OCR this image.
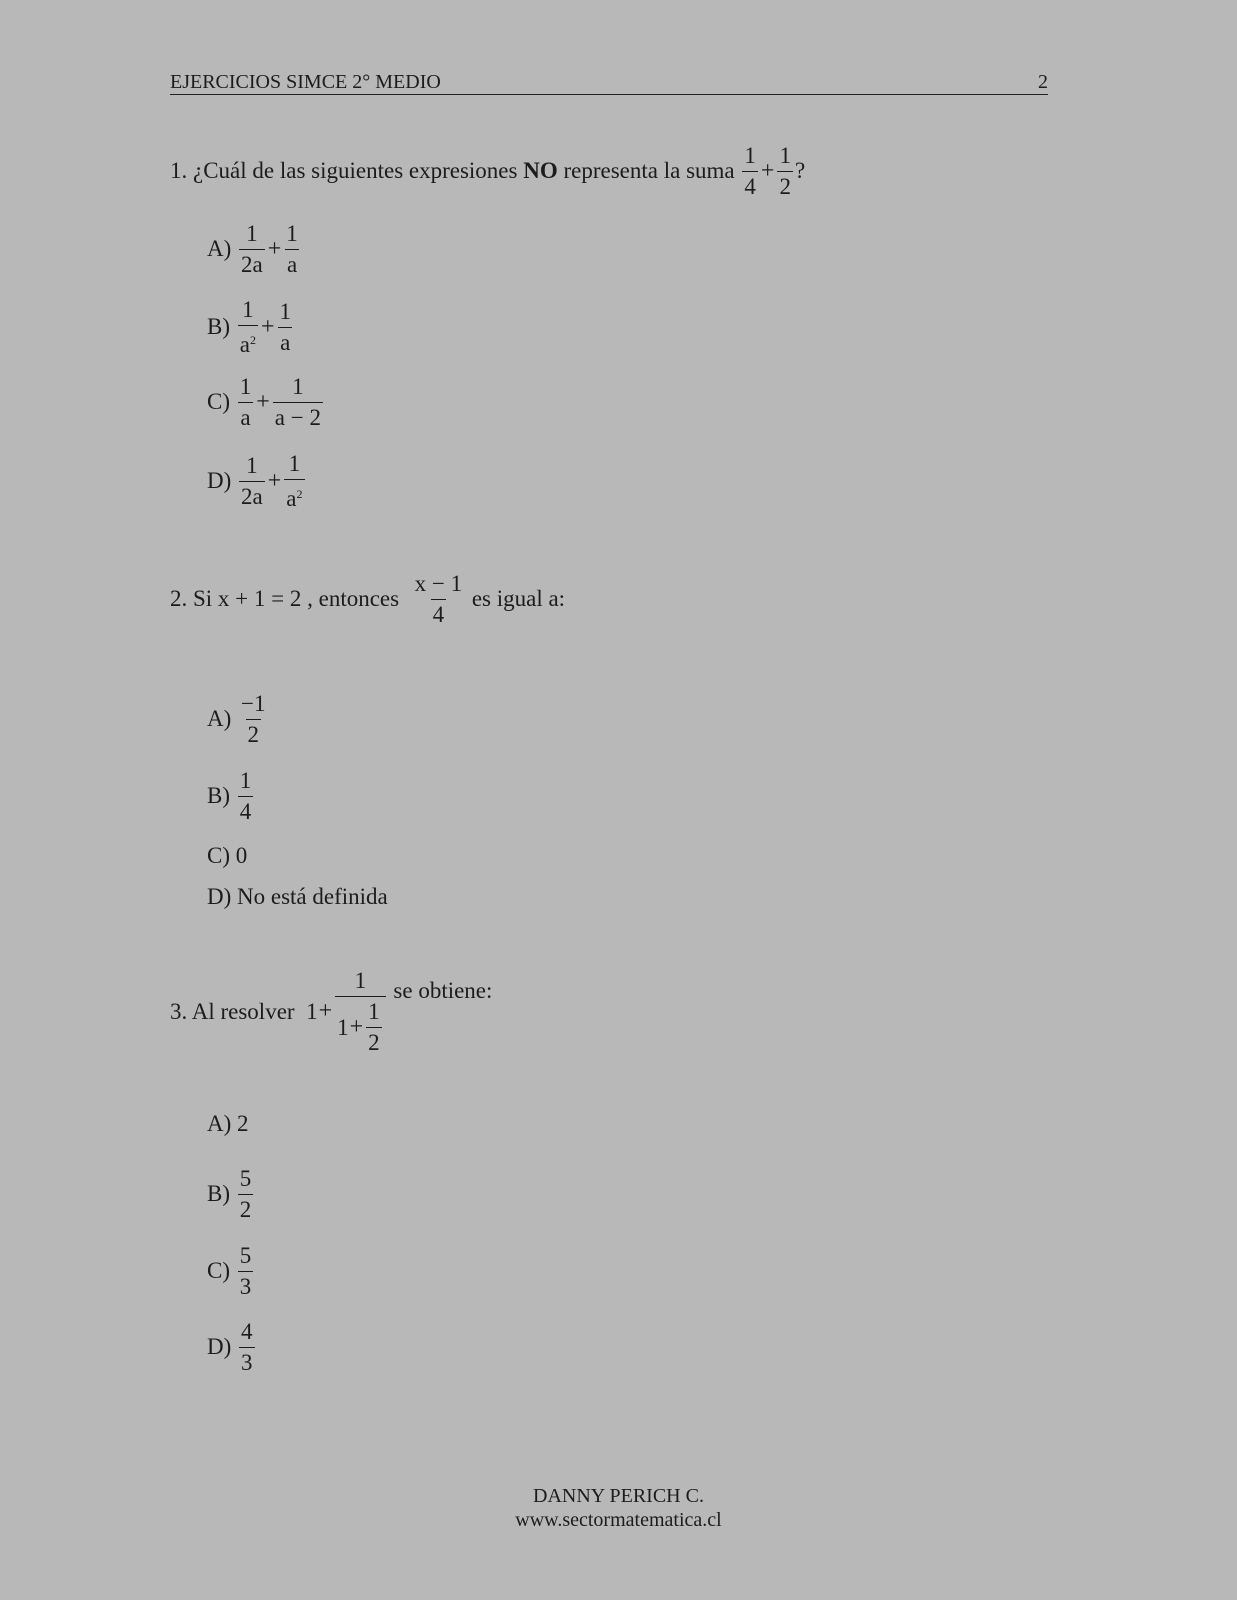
EJERCICIOS SIMCE 2° MEDIO	2
1. ¿Cuál de las siguientes expresiones
NO
representa la suma
$\frac{1}{4} + \frac{1}{2}$ ?
A)
$\frac{1}{2a} + \frac{1}{a}$
B)
$\frac{1}{a^2} + \frac{1}{a}$
C)
$\frac{1}{a} + \frac{1}{a - 2}$
D)
$\frac{1}{2a} + \frac{1}{a^2}$
2. Si x + 1 = 2 , entonces
$\frac{x - 1}{4}$
es igual a:
A)
$\frac{-1}{2}$
B)
$\frac{1}{4}$
C) 0
D) No está definida
3. Al resolver
$1 + \frac{1}{1 + \frac{1}{2}}$
se obtiene:
A) 2
B)
$\frac{5}{2}$
C)
$\frac{5}{3}$
D)
$\frac{4}{3}$
DANNY PERICH C.
www.sectormatematica.cl
